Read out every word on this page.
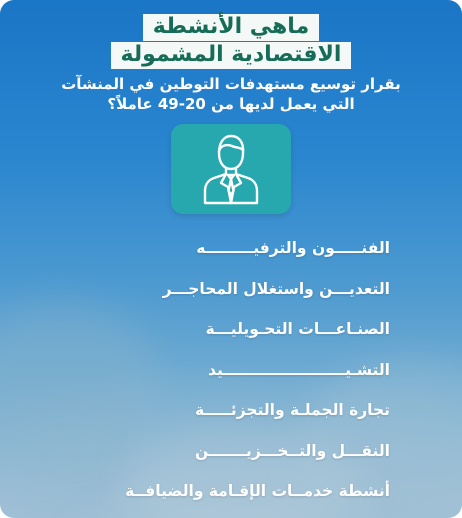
ماهي الأنشطة
الاقتصادية المشمولة
بقرار توسيع مستهدفات التوطين في المنشآت
التي يعمل لديها من 20-49 عاملاً؟
الفنـــــون والترفيـــــــــه
التعديـــن واستغلال المحاجـــر
الصنـاعـــات التحـويليـــة
التشـيـــــــــــــــــــــــيد
تجارة الجملـة والتجزئـــــة
النقـــل والتــخـــزيـــــــن
أنشطة خدمــات الإقـامة والضيافــة
